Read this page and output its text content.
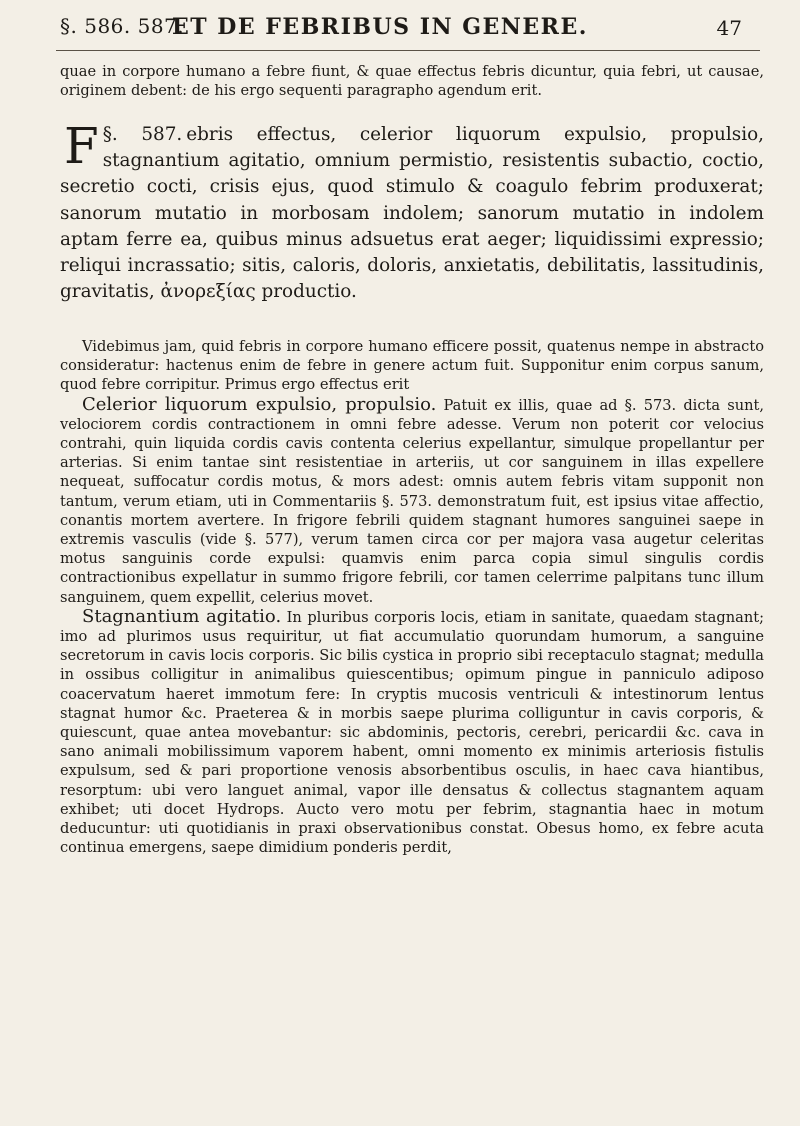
§. 586. 587.
ET DE FEBRIBUS IN GENERE.	47

quae in corpore humano a febre fiunt, & quae effectus febris dicuntur, quia febri, ut causae, originem debent: de his ergo sequenti paragrapho agendum erit.

§. 587.
F	ebris effectus, celerior liquorum expulsio, propulsio, stagnantium agitatio, omnium permistio, resistentis subactio, coctio, secretio cocti, crisis ejus, quod stimulo & coagulo febrim produxerat; sanorum mutatio in morbosam indolem; sanorum mutatio in indolem aptam ferre ea, quibus minus adsuetus erat aeger; liquidissimi expressio; reliqui incrassatio; sitis, caloris, doloris, anxietatis, debilitatis, lassitudinis, gravitatis, ἀνορεξίας productio.

Videbimus jam, quid febris in corpore humano efficere possit, quatenus nempe in abstracto consideratur: hactenus enim de febre in genere actum fuit. Supponitur enim corpus sanum, quod febre corripitur. Primus ergo effectus erit

Celerior liquorum expulsio, propulsio. Patuit ex illis, quae ad §. 573. dicta sunt, velociorem cordis contractionem in omni febre adesse. Verum non poterit cor velocius contrahi, quin liquida cordis cavis contenta celerius expellantur, simulque propellantur per arterias. Si enim tantae sint resistentiae in arteriis, ut cor sanguinem in illas expellere nequeat, suffocatur cordis motus, & mors adest: omnis autem febris vitam supponit non tantum, verum etiam, uti in Commentariis §. 573. demonstratum fuit, est ipsius vitae affectio, conantis mortem avertere. In frigore febrili quidem stagnant humores sanguinei saepe in extremis vasculis (vide §. 577), verum tamen circa cor per majora vasa augetur celeritas motus sanguinis corde expulsi: quamvis enim parca copia simul singulis cordis contractionibus expellatur in summo frigore febrili, cor tamen celerrime palpitans tunc illum sanguinem, quem expellit, celerius movet.

Stagnantium agitatio. In pluribus corporis locis, etiam in sanitate, quaedam stagnant; imo ad plurimos usus requiritur, ut fiat accumulatio quorundam humorum, a sanguine secretorum in cavis locis corporis. Sic bilis cystica in proprio sibi receptaculo stagnat; medulla in ossibus colligitur in animalibus quiescentibus; opimum pingue in panniculo adiposo coacervatum haeret immotum fere: In cryptis mucosis ventriculi & intestinorum lentus stagnat humor &c. Praeterea & in morbis saepe plurima colliguntur in cavis corporis, & quiescunt, quae antea movebantur: sic abdominis, pectoris, cerebri, pericardii &c. cava in sano animali mobilissimum vaporem habent, omni momento ex minimis arteriosis fistulis expulsum, sed & pari proportione venosis absorbentibus osculis, in haec cava hiantibus, resorptum: ubi vero languet animal, vapor ille densatus & collectus stagnantem aquam exhibet; uti docet Hydrops. Aucto vero motu per febrim, stagnantia haec in motum deducuntur: uti quotidianis in praxi observationibus constat. Obesus homo, ex febre acuta continua emergens, saepe dimidium ponderis perdit,
